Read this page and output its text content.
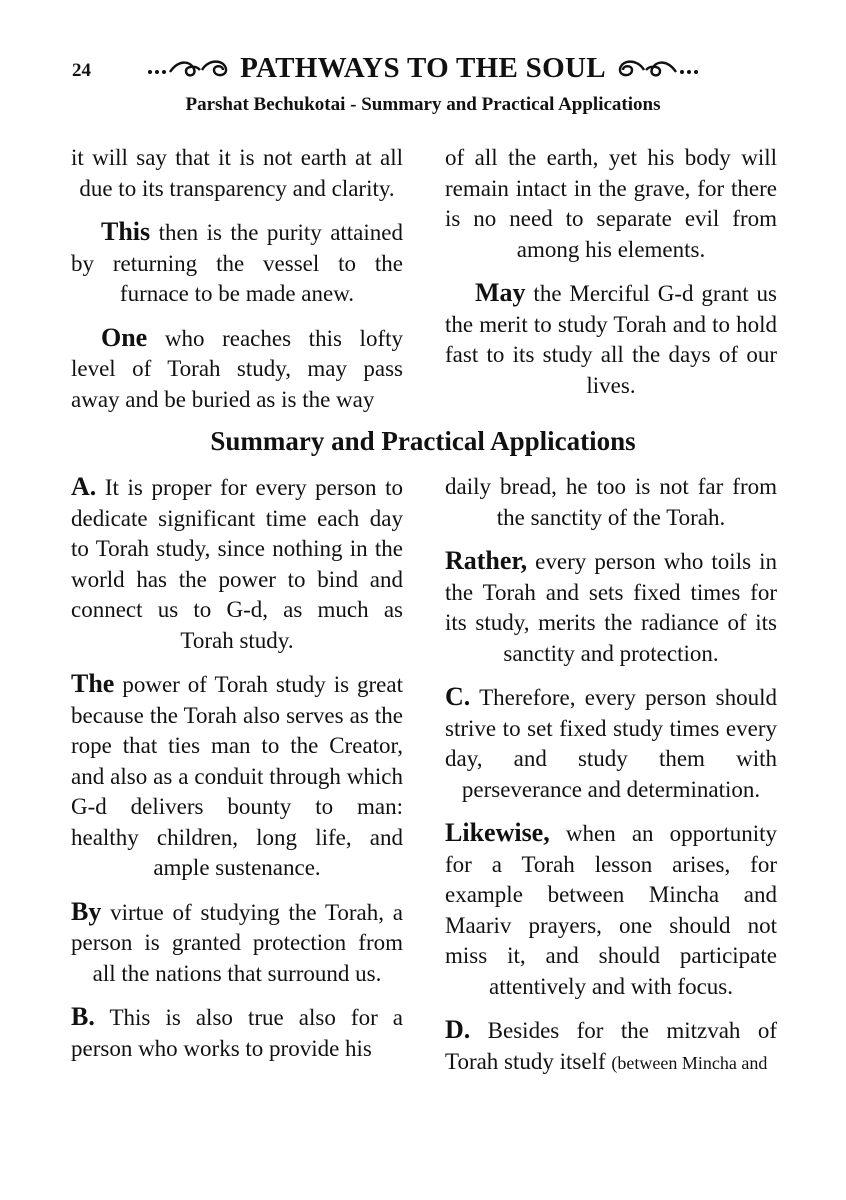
24	PATHWAYS TO THE SOUL
Parshat Bechukotai - Summary and Practical Applications

it will say that it is not earth at all due to its transparency and clarity.

This then is the purity attained by returning the vessel to the furnace to be made anew.

One who reaches this lofty level of Torah study, may pass away and be buried as is the way

of all the earth, yet his body will remain intact in the grave, for there is no need to separate evil from among his elements.

May the Merciful G-d grant us the merit to study Torah and to hold fast to its study all the days of our lives.

Summary and Practical Applications

A. It is proper for every person to dedicate significant time each day to Torah study, since nothing in the world has the power to bind and connect us to G-d, as much as Torah study.

The power of Torah study is great because the Torah also serves as the rope that ties man to the Creator, and also as a conduit through which G-d delivers bounty to man: healthy children, long life, and ample sustenance.

By virtue of studying the Torah, a person is granted protection from all the nations that surround us.

B. This is also true also for a person who works to provide his

daily bread, he too is not far from the sanctity of the Torah.

Rather, every person who toils in the Torah and sets fixed times for its study, merits the radiance of its sanctity and protection.

C. Therefore, every person should strive to set fixed study times every day, and study them with perseverance and determination.

Likewise, when an opportunity for a Torah lesson arises, for example between Mincha and Maariv prayers, one should not miss it, and should participate attentively and with focus.

D. Besides for the mitzvah of Torah study itself (between Mincha and
